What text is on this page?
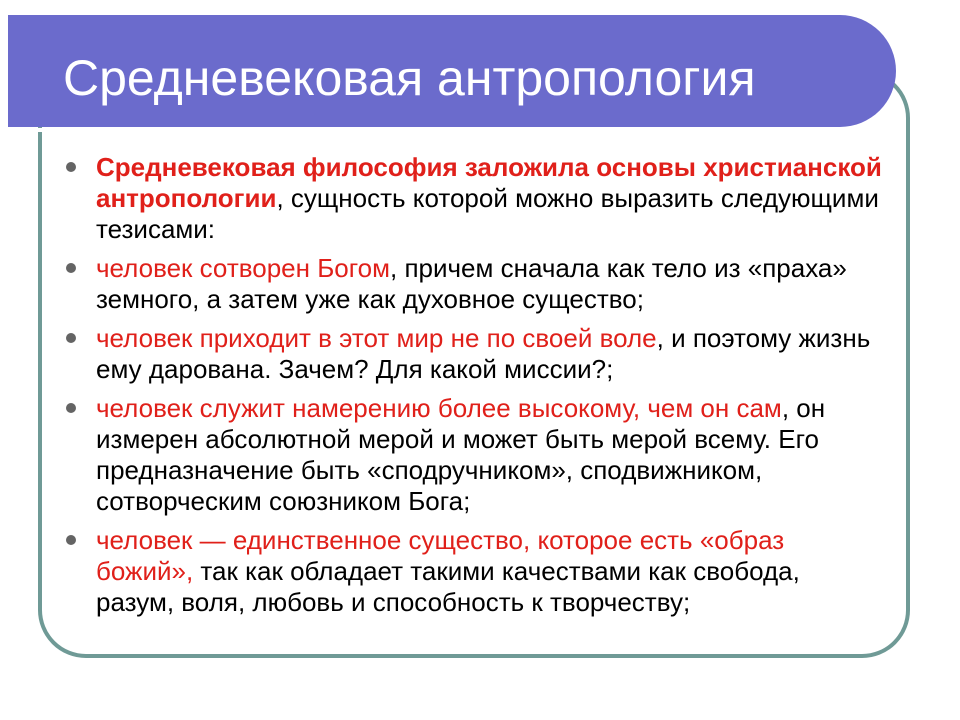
Средневековая антропология

Средневековая философия заложила основы христианской антропологии, сущность которой можно выразить следующими тезисами:

человек сотворен Богом, причем сначала как тело из «праха» земного, а затем уже как духовное существо;

человек приходит в этот мир не по своей воле, и поэтому жизнь ему дарована. Зачем? Для какой миссии?;

человек служит намерению более высокому, чем он сам, он измерен абсолютной мерой и может быть мерой всему. Его предназначение быть «сподручником», сподвижником, сотворческим союзником Бога;

человек — единственное существо, которое есть «образ божий», так как обладает такими качествами как свобода, разум, воля, любовь и способность к творчеству;
